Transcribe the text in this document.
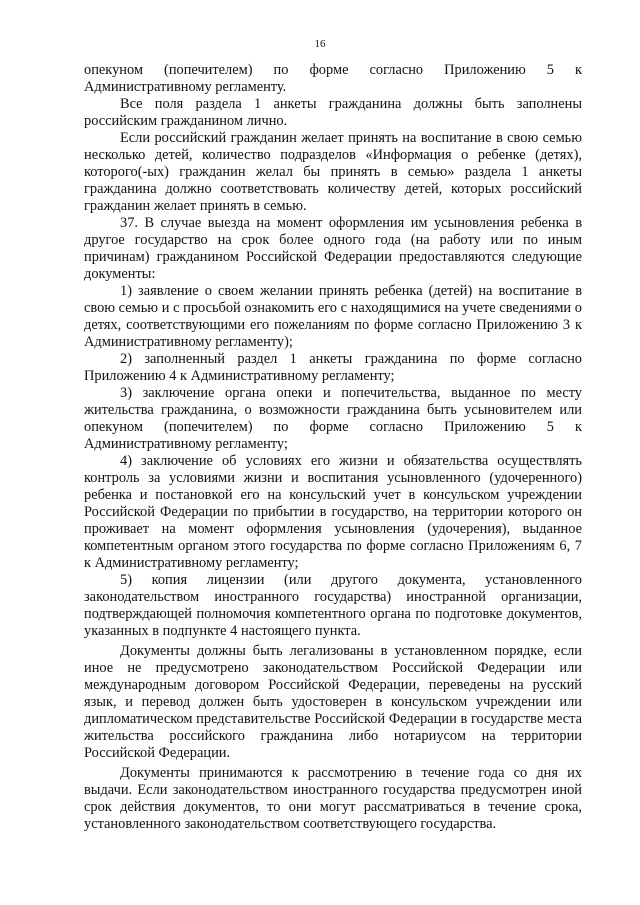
16

опекуном (попечителем) по форме согласно Приложению 5 к Административному регламенту.

Все поля раздела 1 анкеты гражданина должны быть заполнены российским гражданином лично.

Если российский гражданин желает принять на воспитание в свою семью несколько детей, количество подразделов «Информация о ребенке (детях), которого(-ых) гражданин желал бы принять в семью» раздела 1 анкеты гражданина должно соответствовать количеству детей, которых российский гражданин желает принять в семью.

37. В случае выезда на момент оформления им усыновления ребенка в другое государство на срок более одного года (на работу или по иным причинам) гражданином Российской Федерации предоставляются следующие документы:

1) заявление о своем желании принять ребенка (детей) на воспитание в свою семью и с просьбой ознакомить его с находящимися на учете сведениями о детях, соответствующими его пожеланиям по форме согласно Приложению 3 к Административному регламенту);

2) заполненный раздел 1 анкеты гражданина по форме согласно Приложению 4 к Административному регламенту;

3) заключение органа опеки и попечительства, выданное по месту жительства гражданина, о возможности гражданина быть усыновителем или опекуном (попечителем) по форме согласно Приложению 5 к Административному регламенту;

4) заключение об условиях его жизни и обязательства осуществлять контроль за условиями жизни и воспитания усыновленного (удочеренного) ребенка и постановкой его на консульский учет в консульском учреждении Российской Федерации по прибытии в государство, на территории которого он проживает на момент оформления усыновления (удочерения), выданное компетентным органом этого государства по форме согласно Приложениям 6, 7 к Административному регламенту;

5) копия лицензии (или другого документа, установленного законодательством иностранного государства) иностранной организации, подтверждающей полномочия компетентного органа по подготовке документов, указанных в подпункте 4 настоящего пункта.

Документы должны быть легализованы в установленном порядке, если иное не предусмотрено законодательством Российской Федерации или международным договором Российской Федерации, переведены на русский язык, и перевод должен быть удостоверен в консульском учреждении или дипломатическом представительстве Российской Федерации в государстве места жительства российского гражданина либо нотариусом на территории Российской Федерации.

Документы принимаются к рассмотрению в течение года со дня их выдачи. Если законодательством иностранного государства предусмотрен иной срок действия документов, то они могут рассматриваться в течение срока, установленного законодательством соответствующего государства.
